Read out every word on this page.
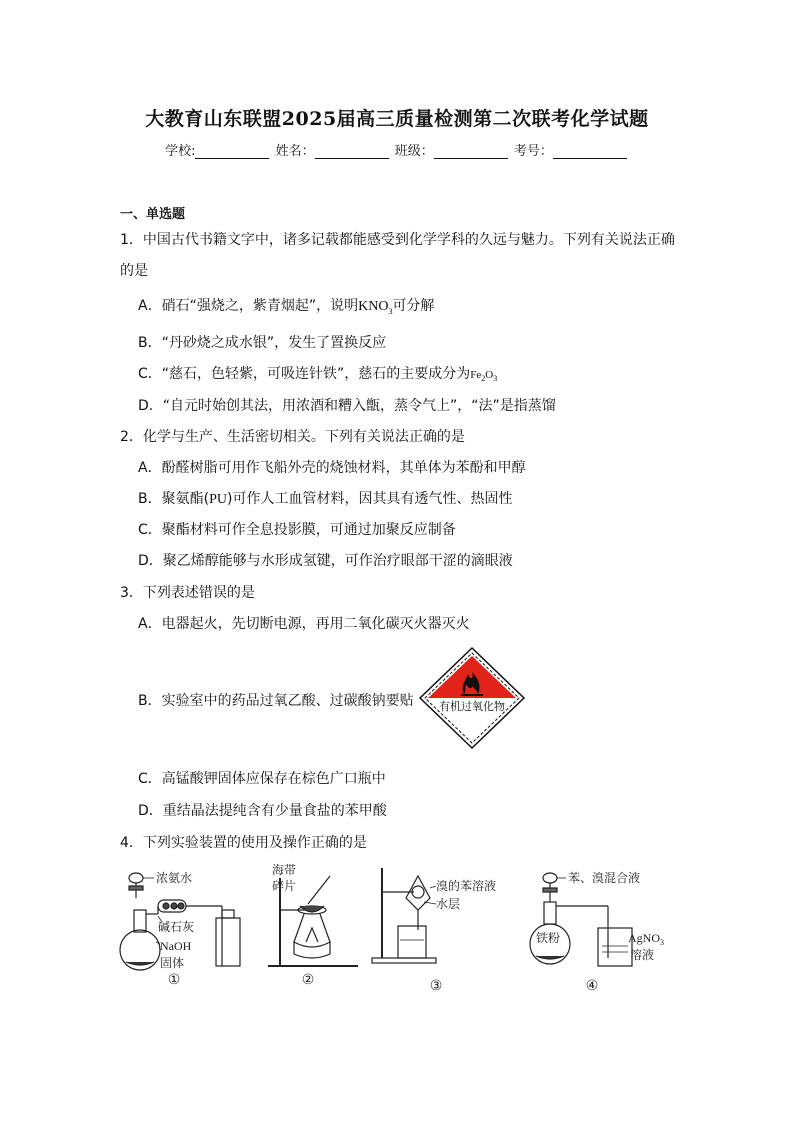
大教育山东联盟2025届高三质量检测第二次联考化学试题
学校:	姓名：	班级：	考号：
一、单选题
1．中国古代书籍文字中，诸多记载都能感受到化学学科的久远与魅力。下列有关说法正确
的是
A．硝石“强烧之，紫青烟起”，说明$KNO_3$可分解
B．“丹砂烧之成水银”，发生了置换反应
C．“慈石，色轻紫，可吸连针铁”，慈石的主要成分为$Fe_2O_3$
D．“自元时始创其法，用浓酒和糟入甑，蒸令气上”，“法”是指蒸馏
2．化学与生产、生活密切相关。下列有关说法正确的是
A．酚醛树脂可用作飞船外壳的烧蚀材料，其单体为苯酚和甲醇
B．聚氨酯(PU)可作人工血管材料，因其具有透气性、热固性
C．聚酯材料可作全息投影膜，可通过加聚反应制备
D．聚乙烯醇能够与水形成氢键，可作治疗眼部干涩的滴眼液
3．下列表述错误的是
A．电器起火，先切断电源，再用二氧化碳灭火器灭火
B．实验室中的药品过氧乙酸、过碳酸钠要贴 有机过氧化物
C．高锰酸钾固体应保存在棕色广口瓶中
D．重结晶法提纯含有少量食盐的苯甲酸
4．下列实验装置的使用及操作正确的是
浓氨水
碱石灰
NaOH
固体
①
海带
碎片
②
溴的苯溶液
水层
③
苯、溴混合液
铁粉	AgNO$_3$
溶液
④
